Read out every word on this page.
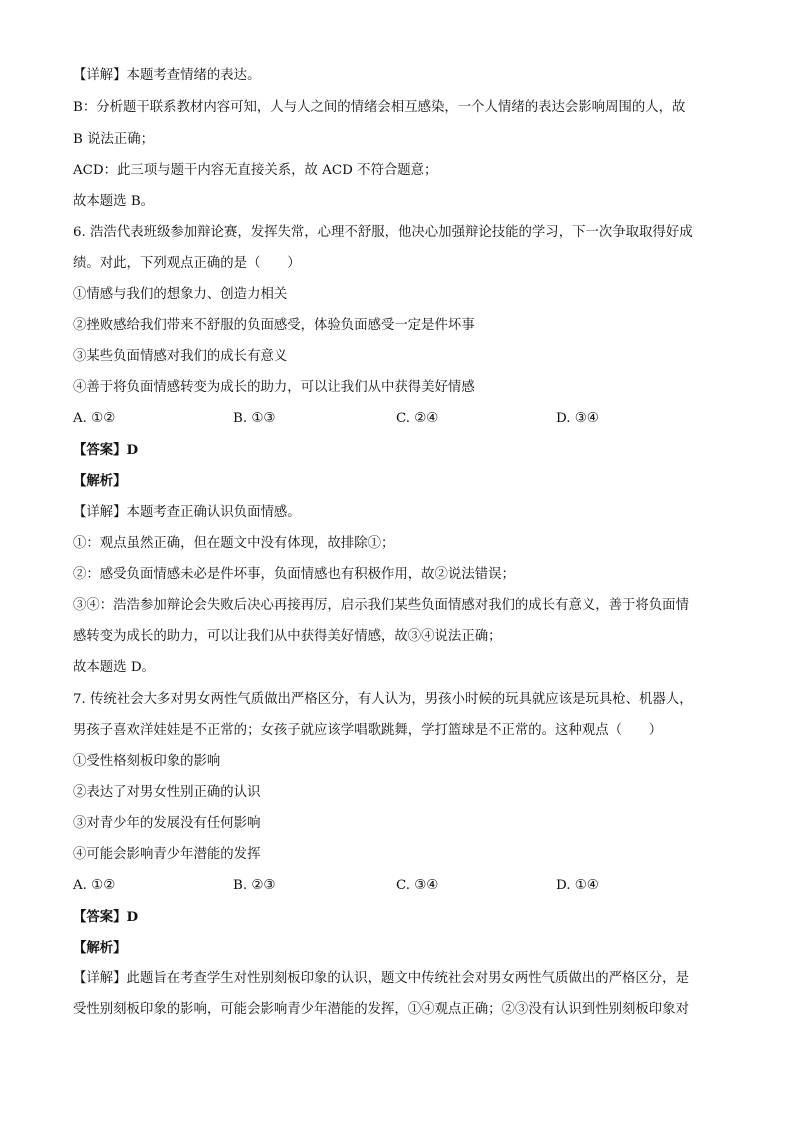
【详解】本题考查情绪的表达。
B：分析题干联系教材内容可知，人与人之间的情绪会相互感染，一个人情绪的表达会影响周围的人，故
B 说法正确；
ACD：此三项与题干内容无直接关系，故 ACD 不符合题意；
故本题选 B。
6. 浩浩代表班级参加辩论赛，发挥失常，心理不舒服，他决心加强辩论技能的学习，下一次争取取得好成
绩。对此，下列观点正确的是（　　）
①情感与我们的想象力、创造力相关
②挫败感给我们带来不舒服的负面感受，体验负面感受一定是件坏事
③某些负面情感对我们的成长有意义
④善于将负面情感转变为成长的助力，可以让我们从中获得美好情感
A. ①②	B. ①③	C. ②④	D. ③④
【答案】D
【解析】
【详解】本题考查正确认识负面情感。
①：观点虽然正确，但在题文中没有体现，故排除①；
②：感受负面情感未必是件坏事，负面情感也有积极作用，故②说法错误；
③④：浩浩参加辩论会失败后决心再接再厉，启示我们某些负面情感对我们的成长有意义，善于将负面情
感转变为成长的助力，可以让我们从中获得美好情感，故③④说法正确；
故本题选 D。
7. 传统社会大多对男女两性气质做出严格区分，有人认为，男孩小时候的玩具就应该是玩具枪、机器人，
男孩子喜欢洋娃娃是不正常的；女孩子就应该学唱歌跳舞，学打篮球是不正常的。这种观点（　　）
①受性格刻板印象的影响
②表达了对男女性别正确的认识
③对青少年的发展没有任何影响
④可能会影响青少年潜能的发挥
A. ①②	B. ②③	C. ③④	D. ①④
【答案】D
【解析】
【详解】此题旨在考查学生对性别刻板印象的认识，题文中传统社会对男女两性气质做出的严格区分，是
受性别刻板印象的影响，可能会影响青少年潜能的发挥，①④观点正确；②③没有认识到性别刻板印象对
